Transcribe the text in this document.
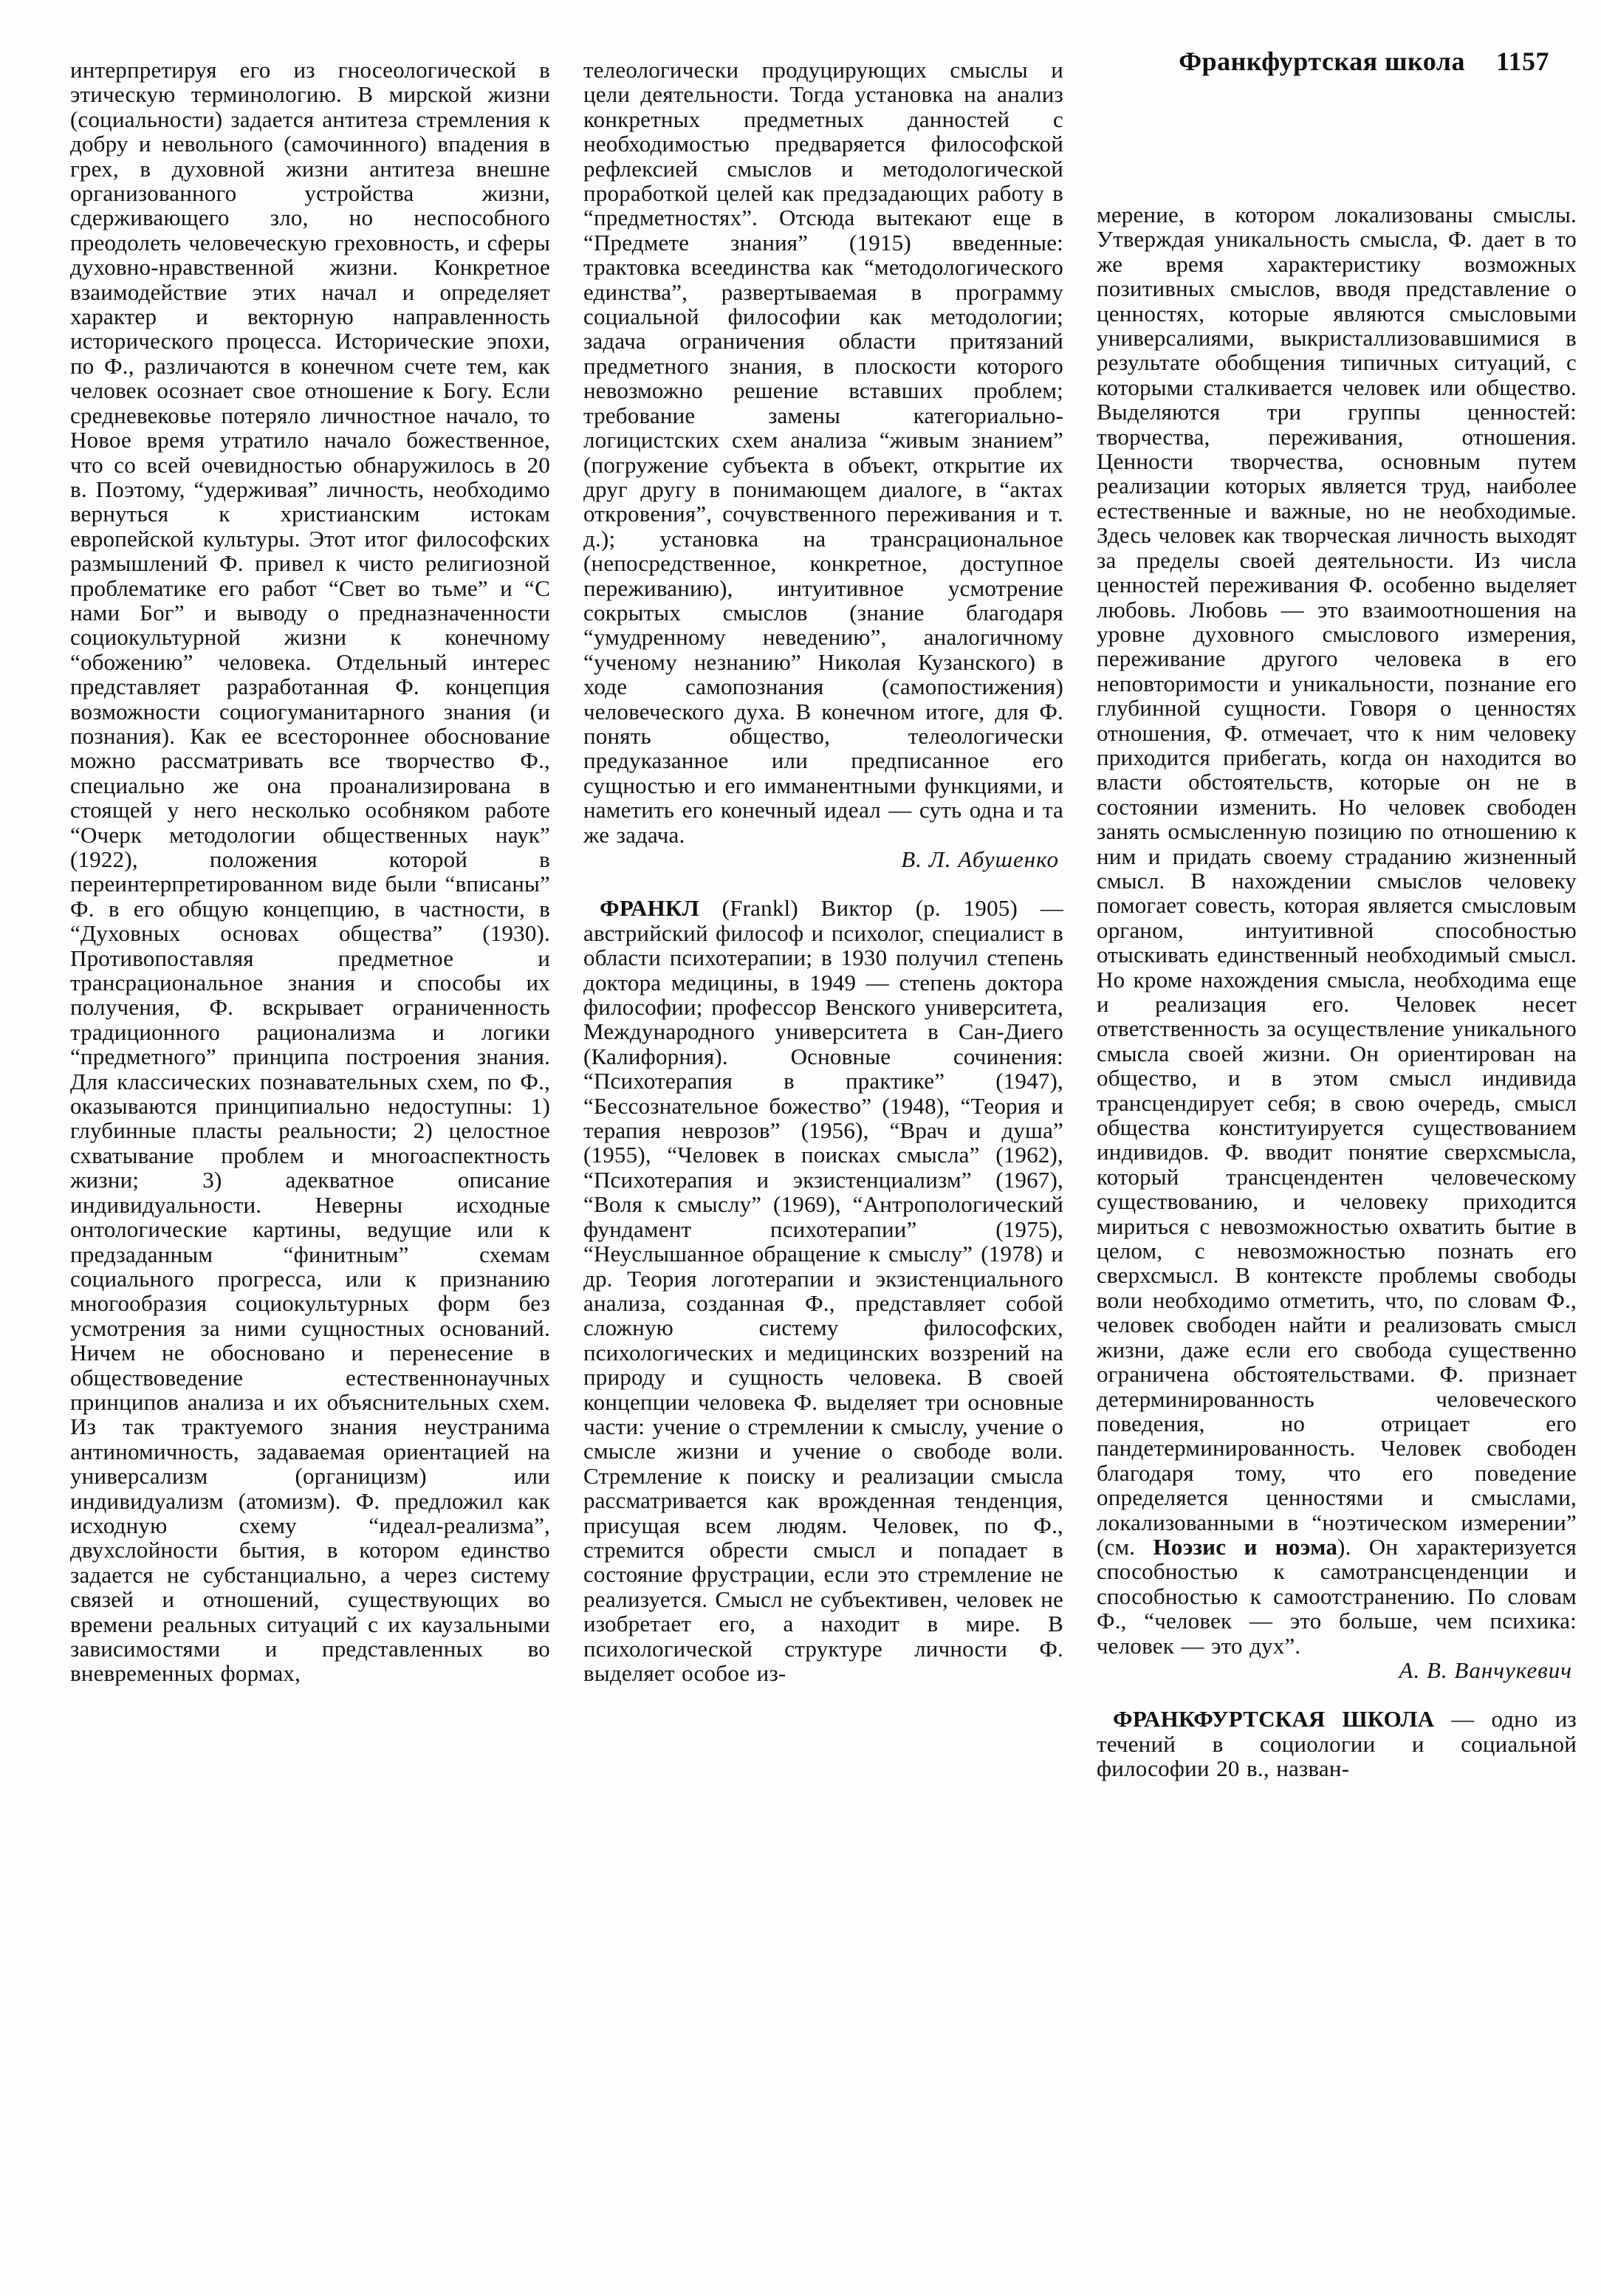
Франкфуртская школа 1157

интерпретируя его из гносеологической в этическую терминологию. В мирской жизни (социальности) задается антитеза стремления к добру и невольного (самочинного) впадения в грех, в духовной жизни антитеза внешне организованного устройства жизни, сдерживающего зло, но неспособного преодолеть человеческую греховность, и сферы духовно-нравственной жизни. Конкретное взаимодействие этих начал и определяет характер и векторную направленность исторического процесса. Исторические эпохи, по Ф., различаются в конечном счете тем, как человек осознает свое отношение к Богу. Если средневековье потеряло личностное начало, то Новое время утратило начало божественное, что со всей очевидностью обнаружилось в 20 в. Поэтому, “удерживая” личность, необходимо вернуться к христианским истокам европейской культуры. Этот итог философских размышлений Ф. привел к чисто религиозной проблематике его работ “Свет во тьме” и “С нами Бог” и выводу о предназначенности социокультурной жизни к конечному “обожению” человека. Отдельный интерес представляет разработанная Ф. концепция возможности социогуманитарного знания (и познания). Как ее всестороннее обоснование можно рассматривать все творчество Ф., специально же она проанализирована в стоящей у него несколько особняком работе “Очерк методологии общественных наук” (1922), положения которой в переинтерпретированном виде были “вписаны” Ф. в его общую концепцию, в частности, в “Духовных основах общества” (1930). Противопоставляя предметное и трансрациональное знания и способы их получения, Ф. вскрывает ограниченность традиционного рационализма и логики “предметного” принципа построения знания. Для классических познавательных схем, по Ф., оказываются принципиально недоступны: 1) глубинные пласты реальности; 2) целостное схватывание проблем и многоаспектность жизни; 3) адекватное описание индивидуальности. Неверны исходные онтологические картины, ведущие или к предзаданным “финитным” схемам социального прогресса, или к признанию многообразия социокультурных форм без усмотрения за ними сущностных оснований. Ничем не обосновано и перенесение в обществоведение естественнонаучных принципов анализа и их объяснительных схем. Из так трактуемого знания неустранима антиномичность, задаваемая ориентацией на универсализм (органицизм) или индивидуализм (атомизм). Ф. предложил как исходную схему “идеал-реализма”, двухслойности бытия, в котором единство задается не субстанциально, а через систему связей и отношений, существующих во времени реальных ситуаций с их каузальными зависимостями и представленных во вневременных формах,

телеологически продуцирующих смыслы и цели деятельности. Тогда установка на анализ конкретных предметных данностей с необходимостью предваряется философской рефлексией смыслов и методологической проработкой целей как предзадающих работу в “предметностях”. Отсюда вытекают еще в “Предмете знания” (1915) введенные: трактовка всеединства как “методологического единства”, развертываемая в программу социальной философии как методологии; задача ограничения области притязаний предметного знания, в плоскости которого невозможно решение вставших проблем; требование замены категориально-логицистских схем анализа “живым знанием” (погружение субъекта в объект, открытие их друг другу в понимающем диалоге, в “актах откровения”, сочувственного переживания и т. д.); установка на трансрациональное (непосредственное, конкретное, доступное переживанию), интуитивное усмотрение сокрытых смыслов (знание благодаря “умудренному неведению”, аналогичному “ученому незнанию” Николая Кузанского) в ходе самопознания (самопостижения) человеческого духа. В конечном итоге, для Ф. понять общество, телеологически предуказанное или предписанное его сущностью и его имманентными функциями, и наметить его конечный идеал — суть одна и та же задача.

В. Л. Абушенко

ФРАНКЛ (Frankl) Виктор (р. 1905) — австрийский философ и психолог, специалист в области психотерапии; в 1930 получил степень доктора медицины, в 1949 — степень доктора философии; профессор Венского университета, Международного университета в Сан-Диего (Калифорния). Основные сочинения: “Психотерапия в практике” (1947), “Бессознательное божество” (1948), “Теория и терапия неврозов” (1956), “Врач и душа” (1955), “Человек в поисках смысла” (1962), “Психотерапия и экзистенциализм” (1967), “Воля к смыслу” (1969), “Антропологический фундамент психотерапии” (1975), “Неуслышанное обращение к смыслу” (1978) и др. Теория логотерапии и экзистенциального анализа, созданная Ф., представляет собой сложную систему философских, психологических и медицинских воззрений на природу и сущность человека. В своей концепции человека Ф. выделяет три основные части: учение о стремлении к смыслу, учение о смысле жизни и учение о свободе воли. Стремление к поиску и реализации смысла рассматривается как врожденная тенденция, присущая всем людям. Человек, по Ф., стремится обрести смысл и попадает в состояние фрустрации, если это стремление не реализуется. Смысл не субъективен, человек не изобретает его, а находит в мире. В психологической структуре личности Ф. выделяет особое из-

мерение, в котором локализованы смыслы. Утверждая уникальность смысла, Ф. дает в то же время характеристику возможных позитивных смыслов, вводя представление о ценностях, которые являются смысловыми универсалиями, выкристаллизовавшимися в результате обобщения типичных ситуаций, с которыми сталкивается человек или общество. Выделяются три группы ценностей: творчества, переживания, отношения. Ценности творчества, основным путем реализации которых является труд, наиболее естественные и важные, но не необходимые. Здесь человек как творческая личность выходят за пределы своей деятельности. Из числа ценностей переживания Ф. особенно выделяет любовь. Любовь — это взаимоотношения на уровне духовного смыслового измерения, переживание другого человека в его неповторимости и уникальности, познание его глубинной сущности. Говоря о ценностях отношения, Ф. отмечает, что к ним человеку приходится прибегать, когда он находится во власти обстоятельств, которые он не в состоянии изменить. Но человек свободен занять осмысленную позицию по отношению к ним и придать своему страданию жизненный смысл. В нахождении смыслов человеку помогает совесть, которая является смысловым органом, интуитивной способностью отыскивать единственный необходимый смысл. Но кроме нахождения смысла, необходима еще и реализация его. Человек несет ответственность за осуществление уникального смысла своей жизни. Он ориентирован на общество, и в этом смысл индивида трансцендирует себя; в свою очередь, смысл общества конституируется существованием индивидов. Ф. вводит понятие сверхсмысла, который трансцендентен человеческому существованию, и человеку приходится мириться с невозможностью охватить бытие в целом, с невозможностью познать его сверхсмысл. В контексте проблемы свободы воли необходимо отметить, что, по словам Ф., человек свободен найти и реализовать смысл жизни, даже если его свобода существенно ограничена обстоятельствами. Ф. признает детерминированность человеческого поведения, но отрицает его пандетерминированность. Человек свободен благодаря тому, что его поведение определяется ценностями и смыслами, локализованными в “ноэтическом измерении” (см. Ноэзис и ноэма). Он характеризуется способностью к самотрансценденции и способностью к самоотстранению. По словам Ф., “человек — это больше, чем психика: человек — это дух”.

А. В. Ванчукевич

ФРАНКФУРТСКАЯ ШКОЛА — одно из течений в социологии и социальной философии 20 в., назван-
